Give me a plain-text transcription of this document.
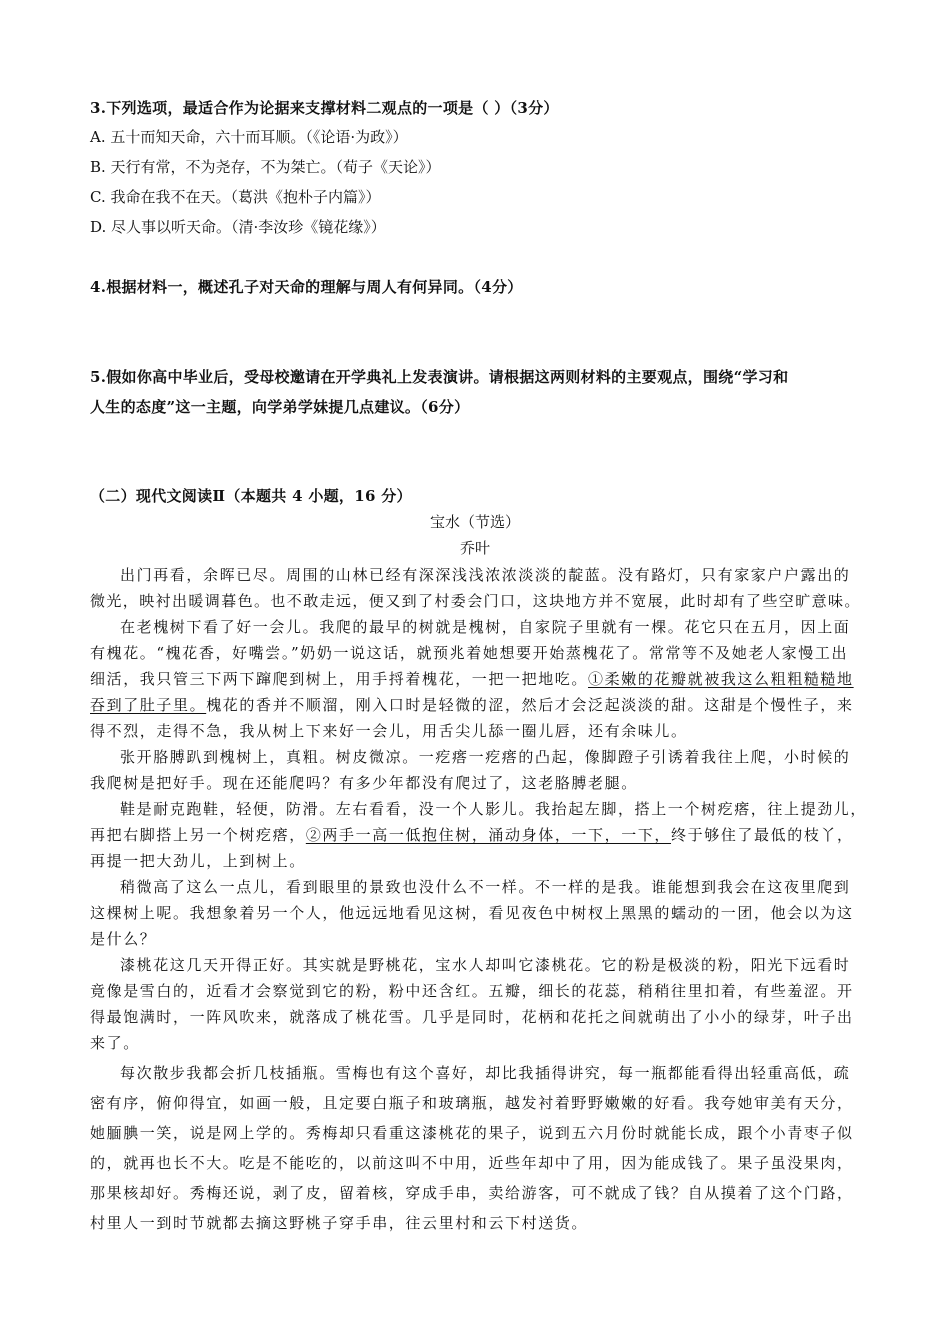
3.下列选项，最适合作为论据来支撑材料二观点的一项是（ ）（3分）
A. 五十而知天命，六十而耳顺。（《论语·为政》）
B. 天行有常，不为尧存，不为桀亡。（荀子《天论》）
C. 我命在我不在天。（葛洪《抱朴子内篇》）
D. 尽人事以听天命。（清·李汝珍《镜花缘》）
4.根据材料一，概述孔子对天命的理解与周人有何异同。（4分）
5.假如你高中毕业后，受母校邀请在开学典礼上发表演讲。请根据这两则材料的主要观点，围绕“学习和
人生的态度”这一主题，向学弟学妹提几点建议。（6分）
（二）现代文阅读Ⅱ（本题共 4 小题，16 分）
宝水（节选）
乔叶
出门再看，余晖已尽。周围的山林已经有深深浅浅浓浓淡淡的靛蓝。没有路灯，只有家家户户露出的
微光，映衬出暖调暮色。也不敢走远，便又到了村委会门口，这块地方并不宽展，此时却有了些空旷意味。
在老槐树下看了好一会儿。我爬的最早的树就是槐树，自家院子里就有一棵。花它只在五月，因上面
有槐花。“槐花香，好嘴尝。”奶奶一说这话，就预兆着她想要开始蒸槐花了。常常等不及她老人家慢工出
细活，我只管三下两下蹿爬到树上，用手捋着槐花，一把一把地吃。①柔嫩的花瓣就被我这么粗粗糙糙地
吞到了肚子里。槐花的香并不顺溜，刚入口时是轻微的涩，然后才会泛起淡淡的甜。这甜是个慢性子，来
得不烈，走得不急，我从树上下来好一会儿，用舌尖儿舔一圈儿唇，还有余味儿。
张开胳膊趴到槐树上，真粗。树皮微凉。一疙瘩一疙瘩的凸起，像脚蹬子引诱着我往上爬，小时候的
我爬树是把好手。现在还能爬吗？有多少年都没有爬过了，这老胳膊老腿。
鞋是耐克跑鞋，轻便，防滑。左右看看，没一个人影儿。我抬起左脚，搭上一个树疙瘩，往上提劲儿，
再把右脚搭上另一个树疙瘩，②两手一高一低抱住树，涌动身体，一下，一下，终于够住了最低的枝丫，
再提一把大劲儿，上到树上。
稍微高了这么一点儿，看到眼里的景致也没什么不一样。不一样的是我。谁能想到我会在这夜里爬到
这棵树上呢。我想象着另一个人，他远远地看见这树，看见夜色中树杈上黑黑的蠕动的一团，他会以为这
是什么？
漆桃花这几天开得正好。其实就是野桃花，宝水人却叫它漆桃花。它的粉是极淡的粉，阳光下远看时
竟像是雪白的，近看才会察觉到它的粉，粉中还含红。五瓣，细长的花蕊，稍稍往里扣着，有些羞涩。开
得最饱满时，一阵风吹来，就落成了桃花雪。几乎是同时，花柄和花托之间就萌出了小小的绿芽，叶子出
来了。
每次散步我都会折几枝插瓶。雪梅也有这个喜好，却比我插得讲究，每一瓶都能看得出轻重高低，疏
密有序，俯仰得宜，如画一般，且定要白瓶子和玻璃瓶，越发衬着野野嫩嫩的好看。我夸她审美有天分，
她腼腆一笑，说是网上学的。秀梅却只看重这漆桃花的果子，说到五六月份时就能长成，跟个小青枣子似
的，就再也长不大。吃是不能吃的，以前这叫不中用，近些年却中了用，因为能成钱了。果子虽没果肉，
那果核却好。秀梅还说，剥了皮，留着核，穿成手串，卖给游客，可不就成了钱？自从摸着了这个门路，
村里人一到时节就都去摘这野桃子穿手串，往云里村和云下村送货。
